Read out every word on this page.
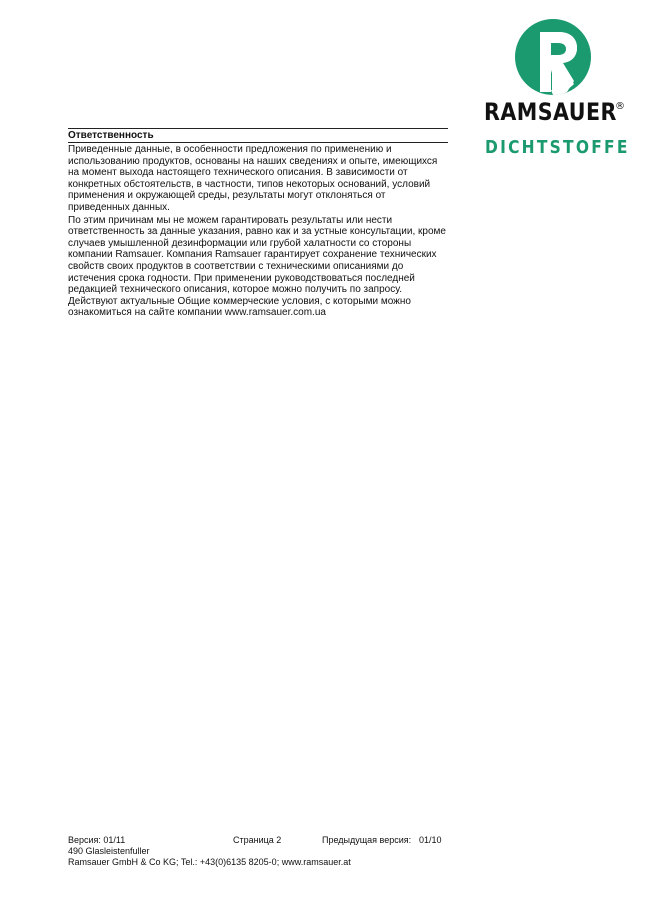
RAMSAUER
®
DICHTSTOFFE
Ответственность

Приведенные данные, в особенности предложения по применению и использованию продуктов, основаны на наших сведениях и опыте, имеющихся на момент выхода настоящего технического описания. В зависимости от конкретных обстоятельств, в частности, типов некоторых оснований, условий применения и окружающей среды, результаты могут отклоняться от приведенных данных.

По этим причинам мы не можем гарантировать результаты или нести ответственность за данные указания, равно как и за устные консультации, кроме случаев умышленной дезинформации или грубой халатности со стороны компании Ramsauer. Компания Ramsauer гарантирует сохранение технических свойств своих продуктов в соответствии с техническими описаниями до истечения срока годности. При применении руководствоваться последней редакцией технического описания, которое можно получить по запросу. Действуют актуальные Общие коммерческие условия, с которыми можно ознакомиться на сайте компании www.ramsauer.com.ua

Версия: 01/11	Страница 2	Предыдущая версия: 01/10
490 Glasleistenfuller
Ramsauer GmbH & Co KG; Tel.: +43(0)6135 8205-0; www.ramsauer.at
